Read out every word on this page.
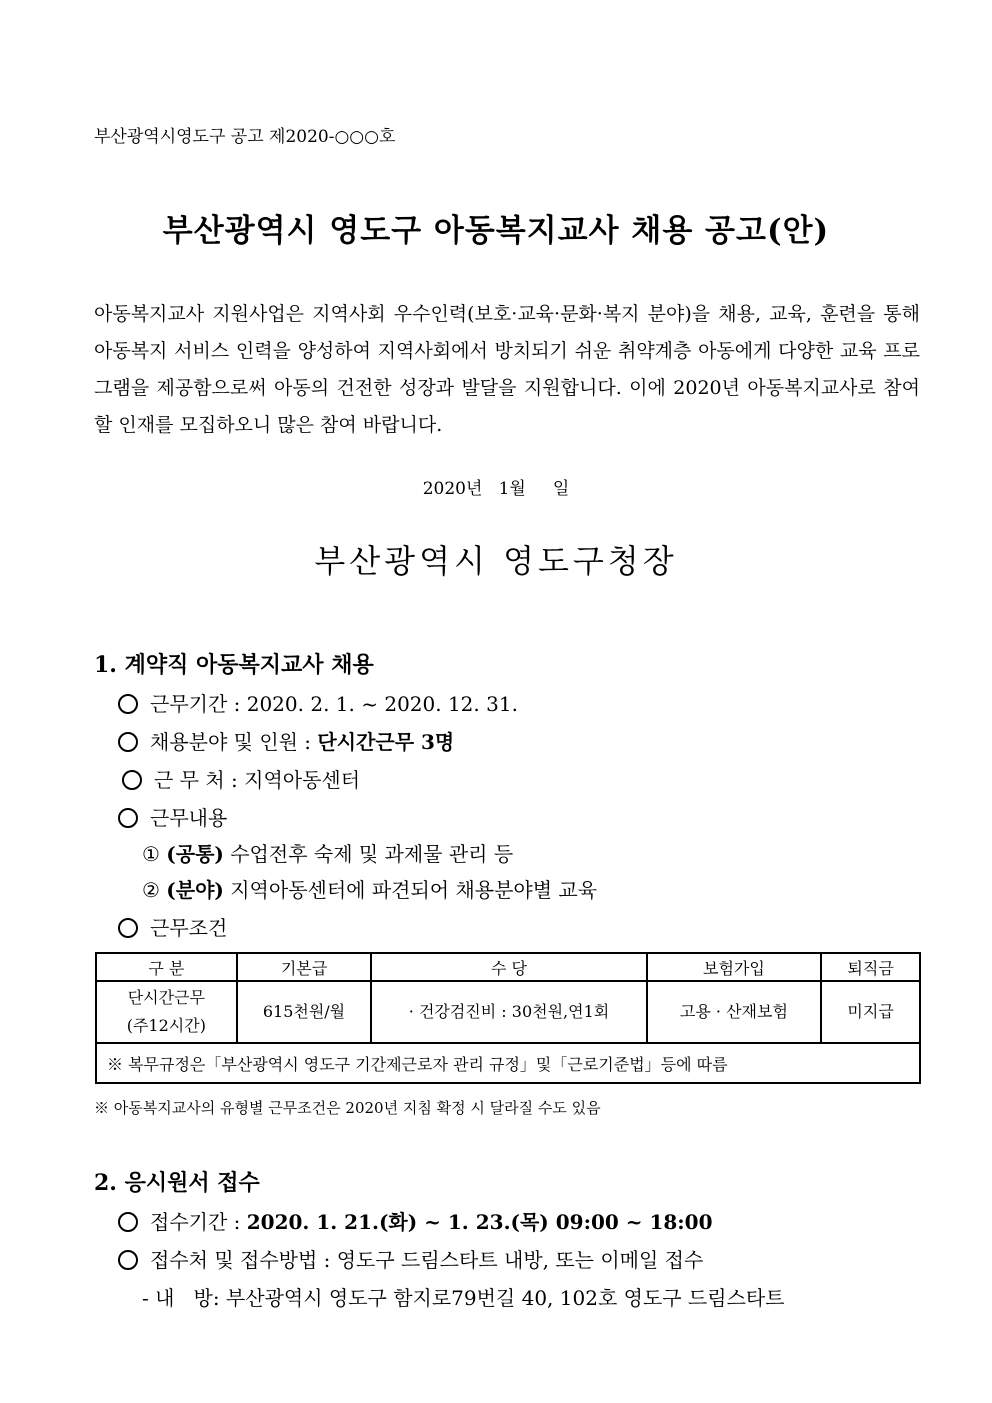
부산광역시영도구 공고 제2020-○○○호
부산광역시 영도구 아동복지교사 채용 공고(안)

아동복지교사 지원사업은 지역사회 우수인력(보호·교육·문화·복지 분야)을 채용, 교육, 훈련을 통해 아동복지 서비스 인력을 양성하여 지역사회에서 방치되기 쉬운 취약계층 아동에게 다양한 교육 프로그램을 제공함으로써 아동의 건전한 성장과 발달을 지원합니다. 이에 2020년 아동복지교사로 참여할 인재를 모집하오니 많은 참여 바랍니다.

2020년   1월     일
부산광역시 영도구청장
1. 계약직 아동복지교사 채용
근무기간 : 2020. 2. 1. ~ 2020. 12. 31.
채용분야 및 인원 : 단시간근무 3명
근 무 처 : 지역아동센터
근무내용
① (공통) 수업전후 숙제 및 과제물 관리 등
② (분야) 지역아동센터에 파견되어 채용분야별 교육
근무조건
구 분	기본급	수 당	보험가입	퇴직금

단시간근무
(주12시간)	615천원/월	· 건강검진비 : 30천원,연1회	고용 · 산재보험	미지급
※ 복무규정은「부산광역시 영도구 기간제근로자 관리 규정」및「근로기준법」등에 따름				
※ 아동복지교사의 유형별 근무조건은 2020년 지침 확정 시 달라질 수도 있음
2. 응시원서 접수
접수기간 : 2020. 1. 21.(화) ~ 1. 23.(목) 09:00 ~ 18:00
접수처 및 접수방법 : 영도구 드림스타트 내방, 또는 이메일 접수
- 내   방: 부산광역시 영도구 함지로79번길 40, 102호 영도구 드림스타트
